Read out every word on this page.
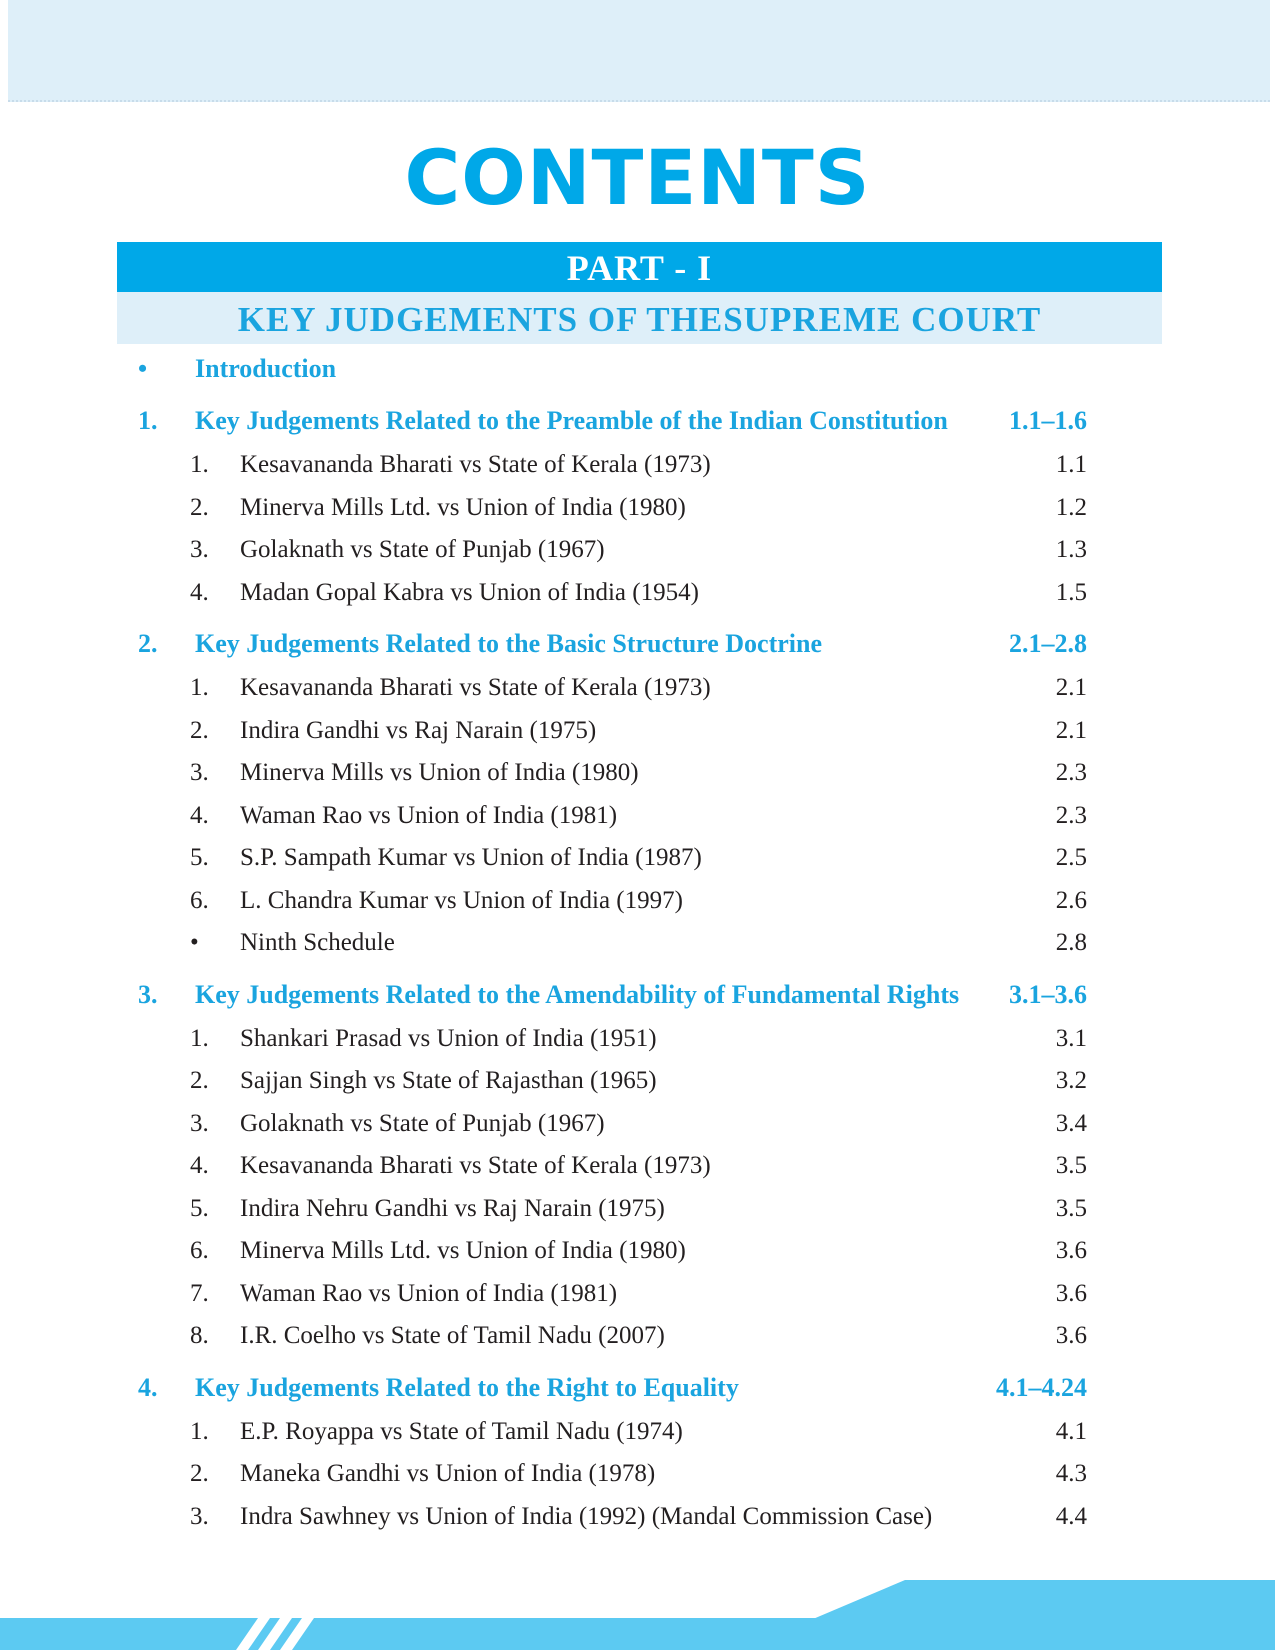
CONTENTS
PART - I
KEY JUDGEMENTS OF THESUPREME COURT
•	Introduction
1.	Key Judgements Related to the Preamble of the Indian Constitution 1.1–1.6
1.	Kesavananda Bharati vs State of Kerala (1973)	1.1
2.	Minerva Mills Ltd. vs Union of India (1980)	1.2
3.	Golaknath vs State of Punjab (1967)	1.3
4.	Madan Gopal Kabra vs Union of India (1954)	1.5
2.	Key Judgements Related to the Basic Structure Doctrine	2.1–2.8
1.	Kesavananda Bharati vs State of Kerala (1973)	2.1
2.	Indira Gandhi vs Raj Narain (1975)	2.1
3.	Minerva Mills vs Union of India (1980)	2.3
4.	Waman Rao vs Union of India (1981)	2.3
5.	S.P. Sampath Kumar vs Union of India (1987)	2.5
6.	L. Chandra Kumar vs Union of India (1997)	2.6
•	Ninth Schedule	2.8
3.	Key Judgements Related to the Amendability of Fundamental Rights 3.1–3.6
1.	Shankari Prasad vs Union of India (1951)	3.1
2.	Sajjan Singh vs State of Rajasthan (1965)	3.2
3.	Golaknath vs State of Punjab (1967)	3.4
4.	Kesavananda Bharati vs State of Kerala (1973)	3.5
5.	Indira Nehru Gandhi vs Raj Narain (1975)	3.5
6.	Minerva Mills Ltd. vs Union of India (1980)	3.6
7.	Waman Rao vs Union of India (1981)	3.6
8.	I.R. Coelho vs State of Tamil Nadu (2007)	3.6
4.	Key Judgements Related to the Right to Equality	4.1–4.24
1.	E.P. Royappa vs State of Tamil Nadu (1974)	4.1
2.	Maneka Gandhi vs Union of India (1978)	4.3
3.	Indra Sawhney vs Union of India (1992) (Mandal Commission Case)	4.4
